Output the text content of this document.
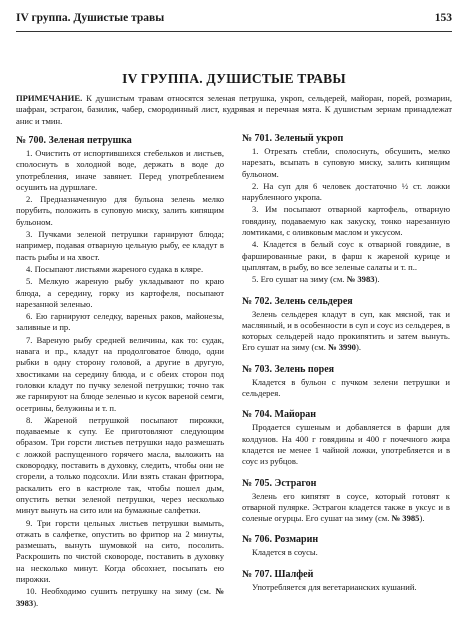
IV группа. Душистые травы	153
IV ГРУППА. ДУШИСТЫЕ ТРАВЫ
ПРИМЕЧАНИЕ. К душистым травам относятся зеленая петрушка, укроп, сельдерей, майоран, порей, розмарин, шафран, эстрагон, базилик, чабер, смородинный лист, кудрявая и перечная мята. К душистым зернам принадлежат анис и тмин.
№ 700. Зеленая петрушка

1. Очистить от испортившихся стебельков и листьев, сполоснуть в холодной воде, держать в воде до употребления, иначе завянет. Перед употреблением осушить на дуршлаге.

2. Предназначенную для бульона зелень мелко порубить, положить в суповую миску, залить кипящим бульоном.

3. Пучками зеленой петрушки гарнируют блюда; например, подавая отварную цельную рыбу, ее кладут в пасть рыбы и на хвост.

4. Посыпают листьями жареного судака в кляре.

5. Мелкую жареную рыбу укладывают по краю блюда, а середину, горку из картофеля, посыпают нарезанной зеленью.

6. Ею гарнируют селедку, вареных раков, майонезы, заливные и пр.

7. Вареную рыбу средней величины, как то: судак, навага и пр., кладут на продолговатое блюдо, одни рыбки в одну сторону головой, а другие в другую, хвостиками на середину блюда, и с обеих сторон под головки кладут по пучку зеленой петрушки; точно так же гарнируют на блюде зеленью и кусок вареной семги, осетрины, белужины и т. п.

8. Жареной петрушкой посыпают пирожки, подаваемые к супу. Ее приготовляют следующим образом. Три горсти листьев петрушки надо размешать с ложкой распущенного горячего масла, выложить на сковородку, поставить в духовку, следить, чтобы они не сгорели, а только подсохли. Или взять стакан фритюра, раскалить его в кастрюле так, чтобы пошел дым, опустить ветки зеленой петрушки, через несколько минут вынуть на сито или на бумажные салфетки.

9. Три горсти цельных листьев петрушки вымыть, отжать в салфетке, опустить во фритюр на 2 минуты, размешать, вынуть шумовкой на сито, посолить. Раскрошить по чистой сковороде, поставить в духовку на несколько минут. Когда обсохнет, посыпать ею пирожки.

10. Необходимо сушить петрушку на зиму (см. № 3983).

№ 701. Зеленый укроп

1. Отрезать стебли, сполоснуть, обсушить, мелко нарезать, всыпать в суповую миску, залить кипящим бульоном.

2. На суп для 6 человек достаточно ½ ст. ложки нарубленного укропа.

3. Им посыпают отварной картофель, отварную говядину, подаваемую как закуску, тонко нарезанную ломтиками, с оливковым маслом и уксусом.

4. Кладется в белый соус к отварной говядине, в фаршированные раки, в фарш к жареной курице и цыплятам, в рыбу, во все зеленые салаты и т. п..

5. Его сушат на зиму (см. № 3983).

№ 702. Зелень сельдерея

Зелень сельдерея кладут в суп, как мясной, так и маслянный, и в особенности в суп и соус из сельдерея, в которых сельдерей надо прокипятить и затем вынуть. Его сушат на зиму (см. № 3990).

№ 703. Зелень порея

Кладется в бульон с пучком зелени петрушки и сельдерея.

№ 704. Майоран

Продается сушеным и добавляется в фарши для колдунов. На 400 г говядины и 400 г почечного жира кладется не менее 1 чайной ложки, употребляется и в соус из рубцов.

№ 705. Эстрагон

Зелень его кипятят в соусе, который готовят к отварной пулярке. Эстрагон кладется также в уксус и в соленые огурцы. Его сушат на зиму (см. № 3985).

№ 706. Розмарин

Кладется в соусы.

№ 707. Шалфей

Употребляется для вегетарианских кушаний.
